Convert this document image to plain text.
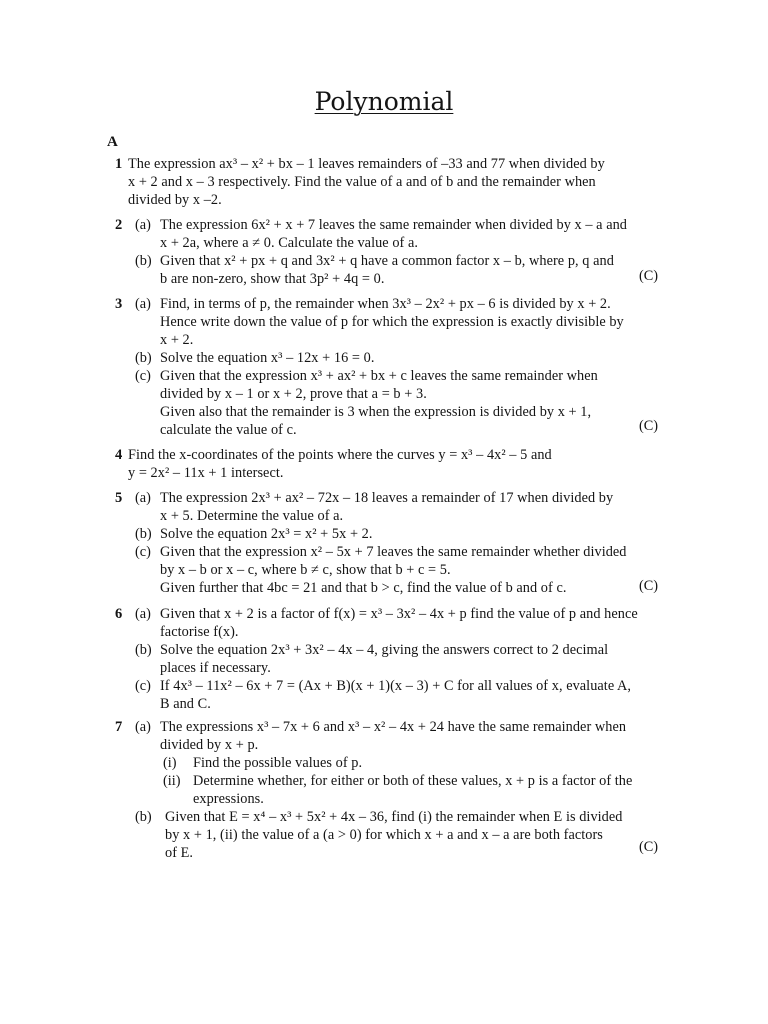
Polynomial
A
1 The expression ax³ – x² + bx – 1 leaves remainders of –33 and 77 when divided by
x + 2 and x – 3 respectively. Find the value of a and of b and the remainder when
divided by x –2.
2 (a) The expression 6x² + x + 7 leaves the same remainder when divided by x – a and
x + 2a, where a ≠ 0. Calculate the value of a.
(b) Given that x² + px + q and 3x² + q have a common factor x – b, where p, q and
b are non-zero, show that 3p² + 4q = 0.	(C)
3 (a) Find, in terms of p, the remainder when 3x³ – 2x² + px – 6 is divided by x + 2.
Hence write down the value of p for which the expression is exactly divisible by
x + 2.
(b) Solve the equation x³ – 12x + 16 = 0.
(c) Given that the expression x³ + ax² + bx + c leaves the same remainder when
divided by x – 1 or x + 2, prove that a = b + 3.
Given also that the remainder is 3 when the expression is divided by x + 1,
calculate the value of c.	(C)
4 Find the x-coordinates of the points where the curves y = x³ – 4x² – 5 and
y = 2x² – 11x + 1 intersect.
5 (a) The expression 2x³ + ax² – 72x – 18 leaves a remainder of 17 when divided by
x + 5. Determine the value of a.
(b) Solve the equation 2x³ = x² + 5x + 2.
(c) Given that the expression x² – 5x + 7 leaves the same remainder whether divided
by x – b or x – c, where b ≠ c, show that b + c = 5.
Given further that 4bc = 21 and that b > c, find the value of b and of c.	(C)
6 (a) Given that x + 2 is a factor of f(x) = x³ – 3x² – 4x + p find the value of p and hence
factorise f(x).
(b) Solve the equation 2x³ + 3x² – 4x – 4, giving the answers correct to 2 decimal
places if necessary.
(c) If 4x³ – 11x² – 6x + 7 = (Ax + B)(x + 1)(x – 3) + C for all values of x, evaluate A,
B and C.
7 (a) The expressions x³ – 7x + 6 and x³ – x² – 4x + 24 have the same remainder when
divided by x + p.
(i) Find the possible values of p.
(ii) Determine whether, for either or both of these values, x + p is a factor of the
expressions.
(b) Given that E = x⁴ – x³ + 5x² + 4x – 36, find (i) the remainder when E is divided
by x + 1, (ii) the value of a (a > 0) for which x + a and x – a are both factors
of E.	(C)
